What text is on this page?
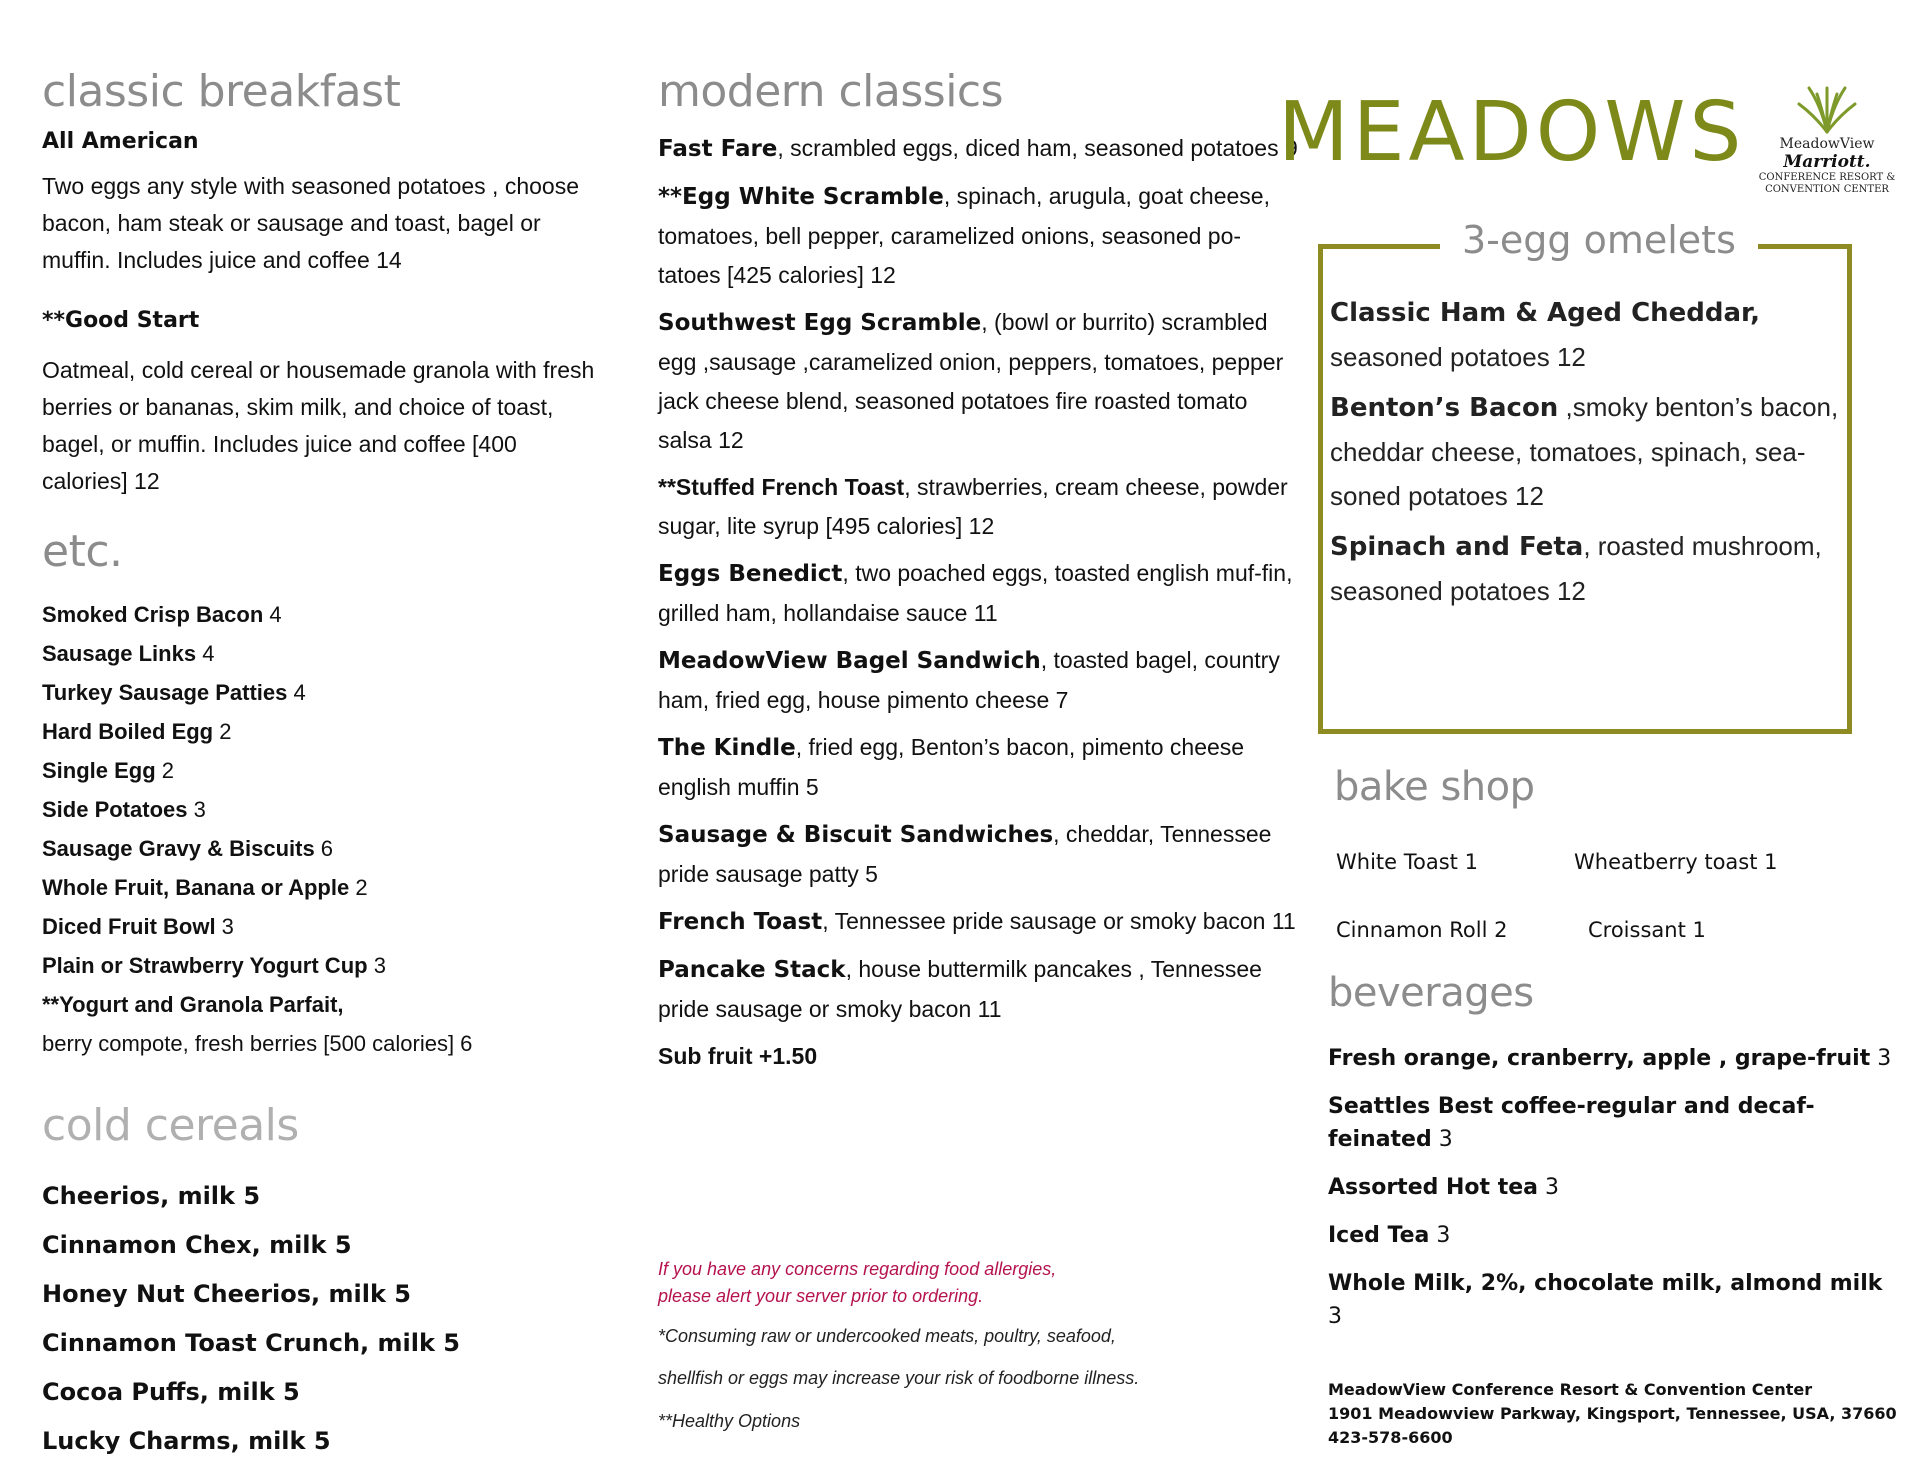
classic breakfast
All American
Two eggs any style with seasoned potatoes , choose bacon, ham steak or sausage and toast, bagel or muffin. Includes juice and coffee 14
**Good Start
Oatmeal, cold cereal or housemade granola with fresh berries or bananas, skim milk, and choice of toast, bagel, or muffin. Includes juice and coffee [400 calories] 12
etc.
Smoked Crisp Bacon 4
Sausage Links 4
Turkey Sausage Patties 4
Hard Boiled Egg 2
Single Egg 2
Side Potatoes 3
Sausage Gravy & Biscuits 6
Whole Fruit, Banana or Apple 2
Diced Fruit Bowl 3
Plain or Strawberry Yogurt Cup 3
**Yogurt and Granola Parfait,
berry compote, fresh berries [500 calories] 6
cold cereals
Cheerios, milk 5
Cinnamon Chex, milk 5
Honey Nut Cheerios, milk 5
Cinnamon Toast Crunch, milk 5
Cocoa Puffs, milk 5
Lucky Charms, milk 5
modern classics
Fast Fare, scrambled eggs, diced ham, seasoned potatoes 9
**Egg White Scramble, spinach, arugula, goat cheese, tomatoes, bell pepper, caramelized onions, seasoned po-tatoes [425 calories] 12
Southwest Egg Scramble, (bowl or burrito) scrambled egg ,sausage ,caramelized onion, peppers, tomatoes, pepper jack cheese blend, seasoned potatoes fire roasted tomato salsa 12
**Stuffed French Toast, strawberries, cream cheese, powder sugar, lite syrup [495 calories] 12
Eggs Benedict, two poached eggs, toasted english muf-fin, grilled ham, hollandaise sauce 11
MeadowView Bagel Sandwich, toasted bagel, country ham, fried egg, house pimento cheese 7
The Kindle, fried egg, Benton’s bacon, pimento cheese english muffin 5
Sausage & Biscuit Sandwiches, cheddar, Tennessee pride sausage patty 5
French Toast, Tennessee pride sausage or smoky bacon 11
Pancake Stack, house buttermilk pancakes , Tennessee pride sausage or smoky bacon 11
Sub fruit +1.50
If you have any concerns regarding food allergies,
please alert your server prior to ordering.
*Consuming raw or undercooked meats, poultry, seafood,
shellfish or eggs may increase your risk of foodborne illness.
**Healthy Options
MEADOWS	MeadowView
Marriott.
CONFERENCE RESORT &
CONVENTION CENTER
3-egg omelets
Classic Ham & Aged Cheddar, seasoned potatoes 12
Benton’s Bacon ,smoky benton’s bacon, cheddar cheese, tomatoes, spinach, sea-soned potatoes 12
Spinach and Feta, roasted mushroom, seasoned potatoes 12
bake shop
White Toast 1	Wheatberry toast 1
Cinnamon Roll 2	Croissant 1
beverages
Fresh orange, cranberry, apple , grape-fruit 3
Seattles Best coffee-regular and decaf-feinated 3
Assorted Hot tea 3
Iced Tea 3
Whole Milk, 2%, chocolate milk, almond milk 3
MeadowView Conference Resort & Convention Center
1901 Meadowview Parkway, Kingsport, Tennessee, USA, 37660
423-578-6600
